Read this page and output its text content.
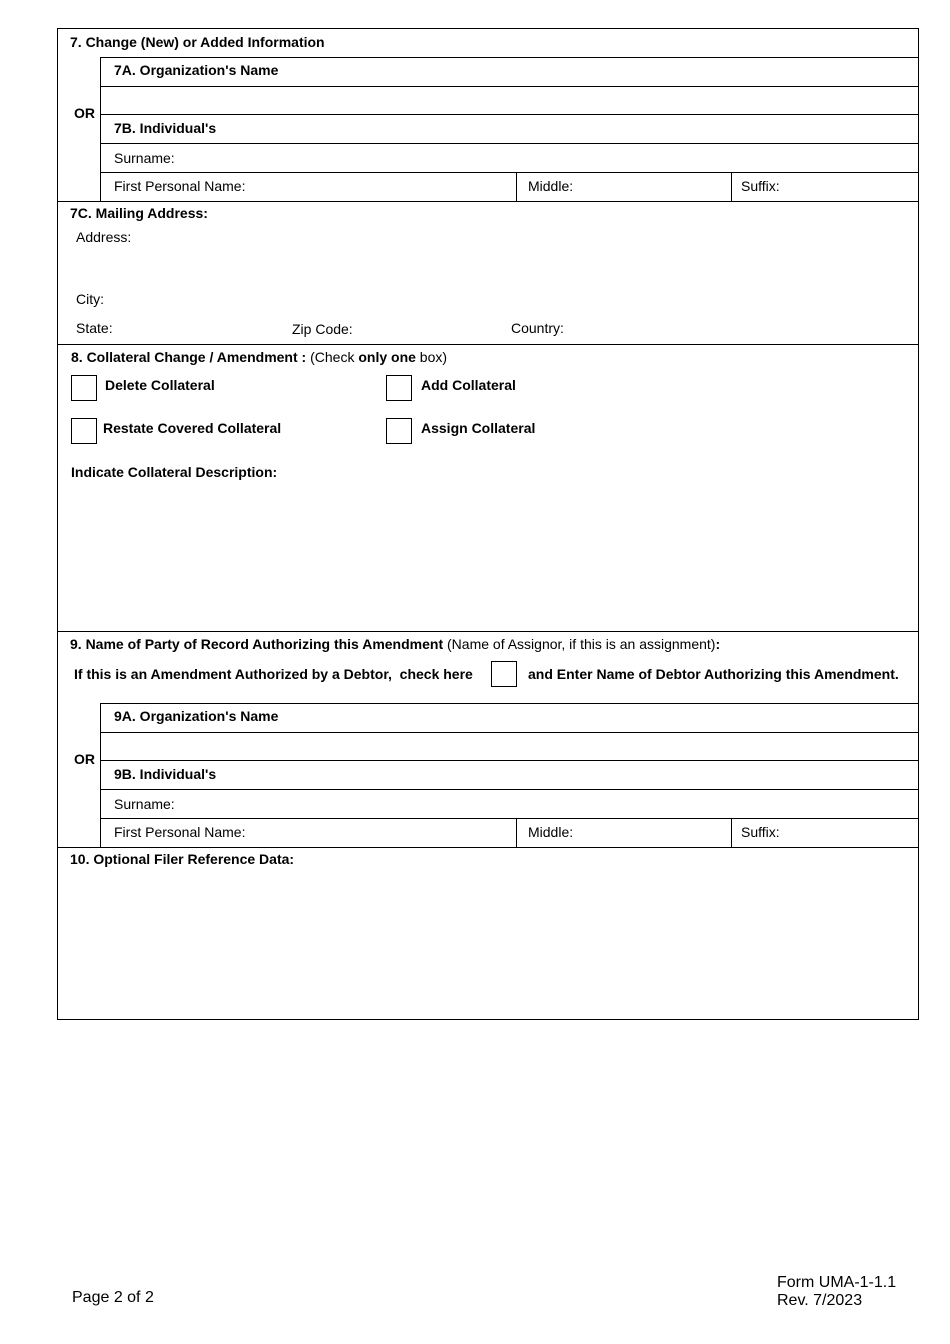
7. Change (New) or Added Information
OR
7A. Organization's Name
7B. Individual's
Surname:
First Personal Name:	Middle:	Suffix:
7C. Mailing Address:
Address:
City:
State:	Zip Code:	Country:
8. Collateral Change / Amendment : (Check only one box)
Delete Collateral	Add Collateral
Restate Covered Collateral	Assign Collateral
Indicate Collateral Description:
9. Name of Party of Record Authorizing this Amendment (Name of Assignor, if this is an assignment):
If this is an Amendment Authorized by a Debtor,  check here	and Enter Name of Debtor Authorizing this Amendment.
OR
9A. Organization's Name
9B. Individual's
Surname:
First Personal Name:	Middle:	Suffix:
10. Optional Filer Reference Data:
Page 2 of 2
Form UMA-1-1.1
Rev. 7/2023
